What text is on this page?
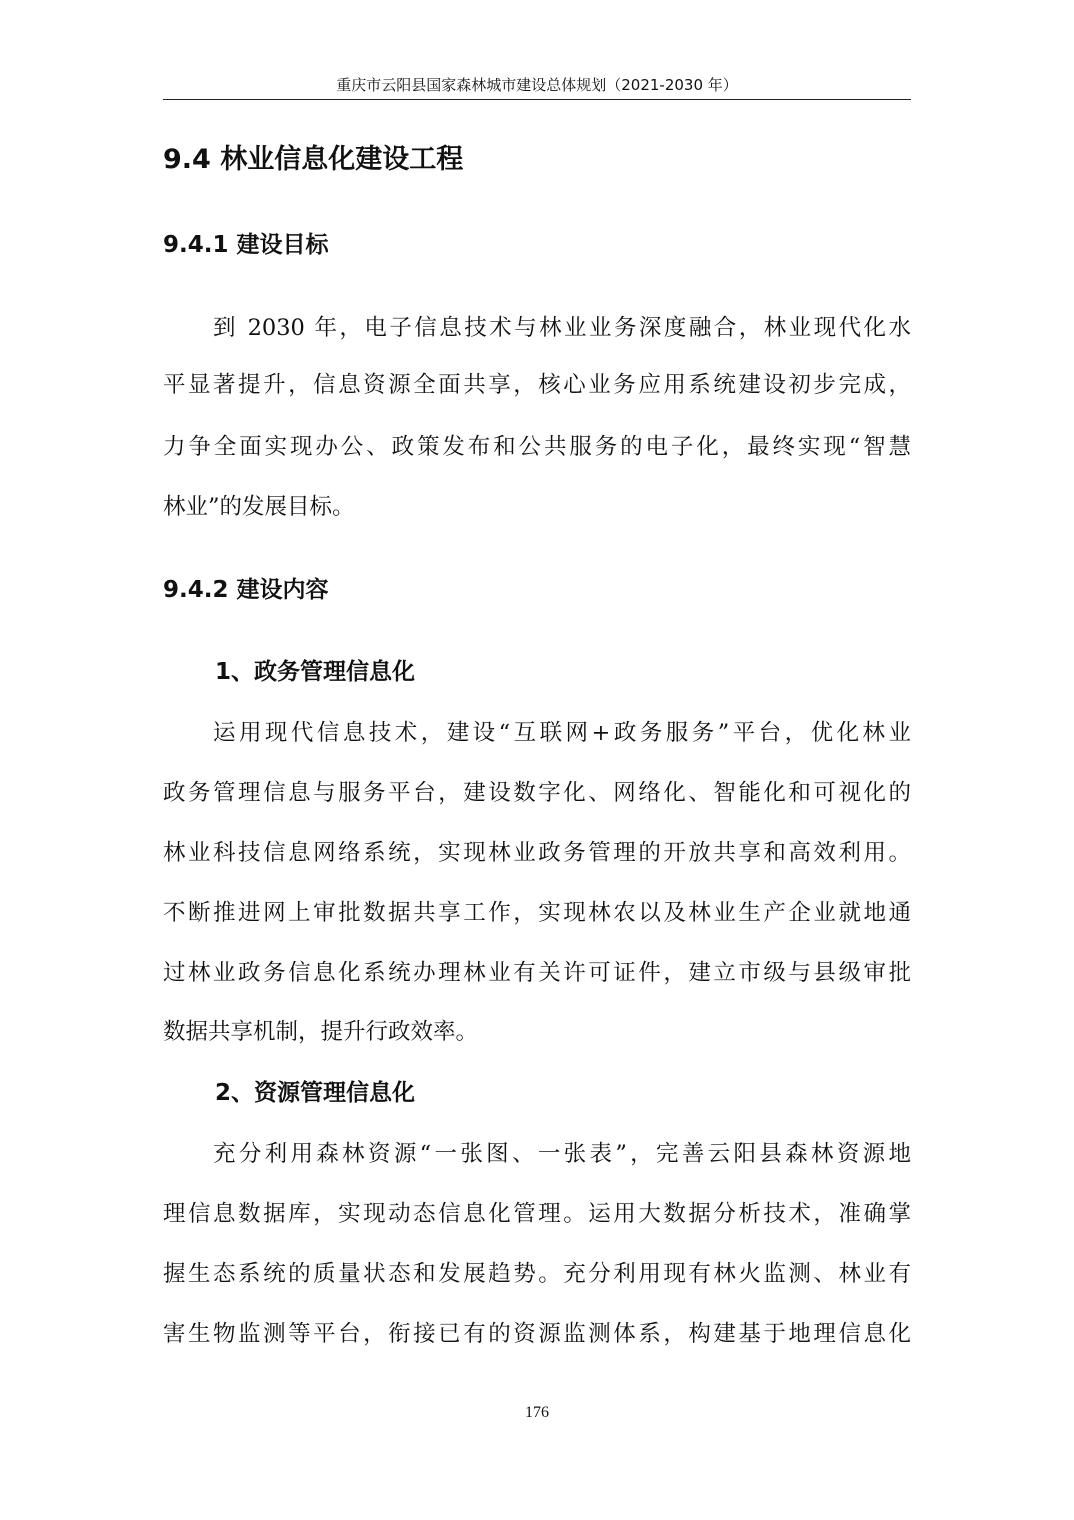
重庆市云阳县国家森林城市建设总体规划（2021-2030 年）
9.4 林业信息化建设工程
9.4.1 建设目标
到 2030 年，电子信息技术与林业业务深度融合，林业现代化水
平显著提升，信息资源全面共享，核心业务应用系统建设初步完成，
力争全面实现办公、政策发布和公共服务的电子化，最终实现“智慧
林业”的发展目标。
9.4.2 建设内容
1、政务管理信息化
运用现代信息技术，建设“互联网+政务服务”平台，优化林业
政务管理信息与服务平台，建设数字化、网络化、智能化和可视化的
林业科技信息网络系统，实现林业政务管理的开放共享和高效利用。
不断推进网上审批数据共享工作，实现林农以及林业生产企业就地通
过林业政务信息化系统办理林业有关许可证件，建立市级与县级审批
数据共享机制，提升行政效率。
2、资源管理信息化
充分利用森林资源“一张图、一张表”，完善云阳县森林资源地
理信息数据库，实现动态信息化管理。运用大数据分析技术，准确掌
握生态系统的质量状态和发展趋势。充分利用现有林火监测、林业有
害生物监测等平台，衔接已有的资源监测体系，构建基于地理信息化
176
